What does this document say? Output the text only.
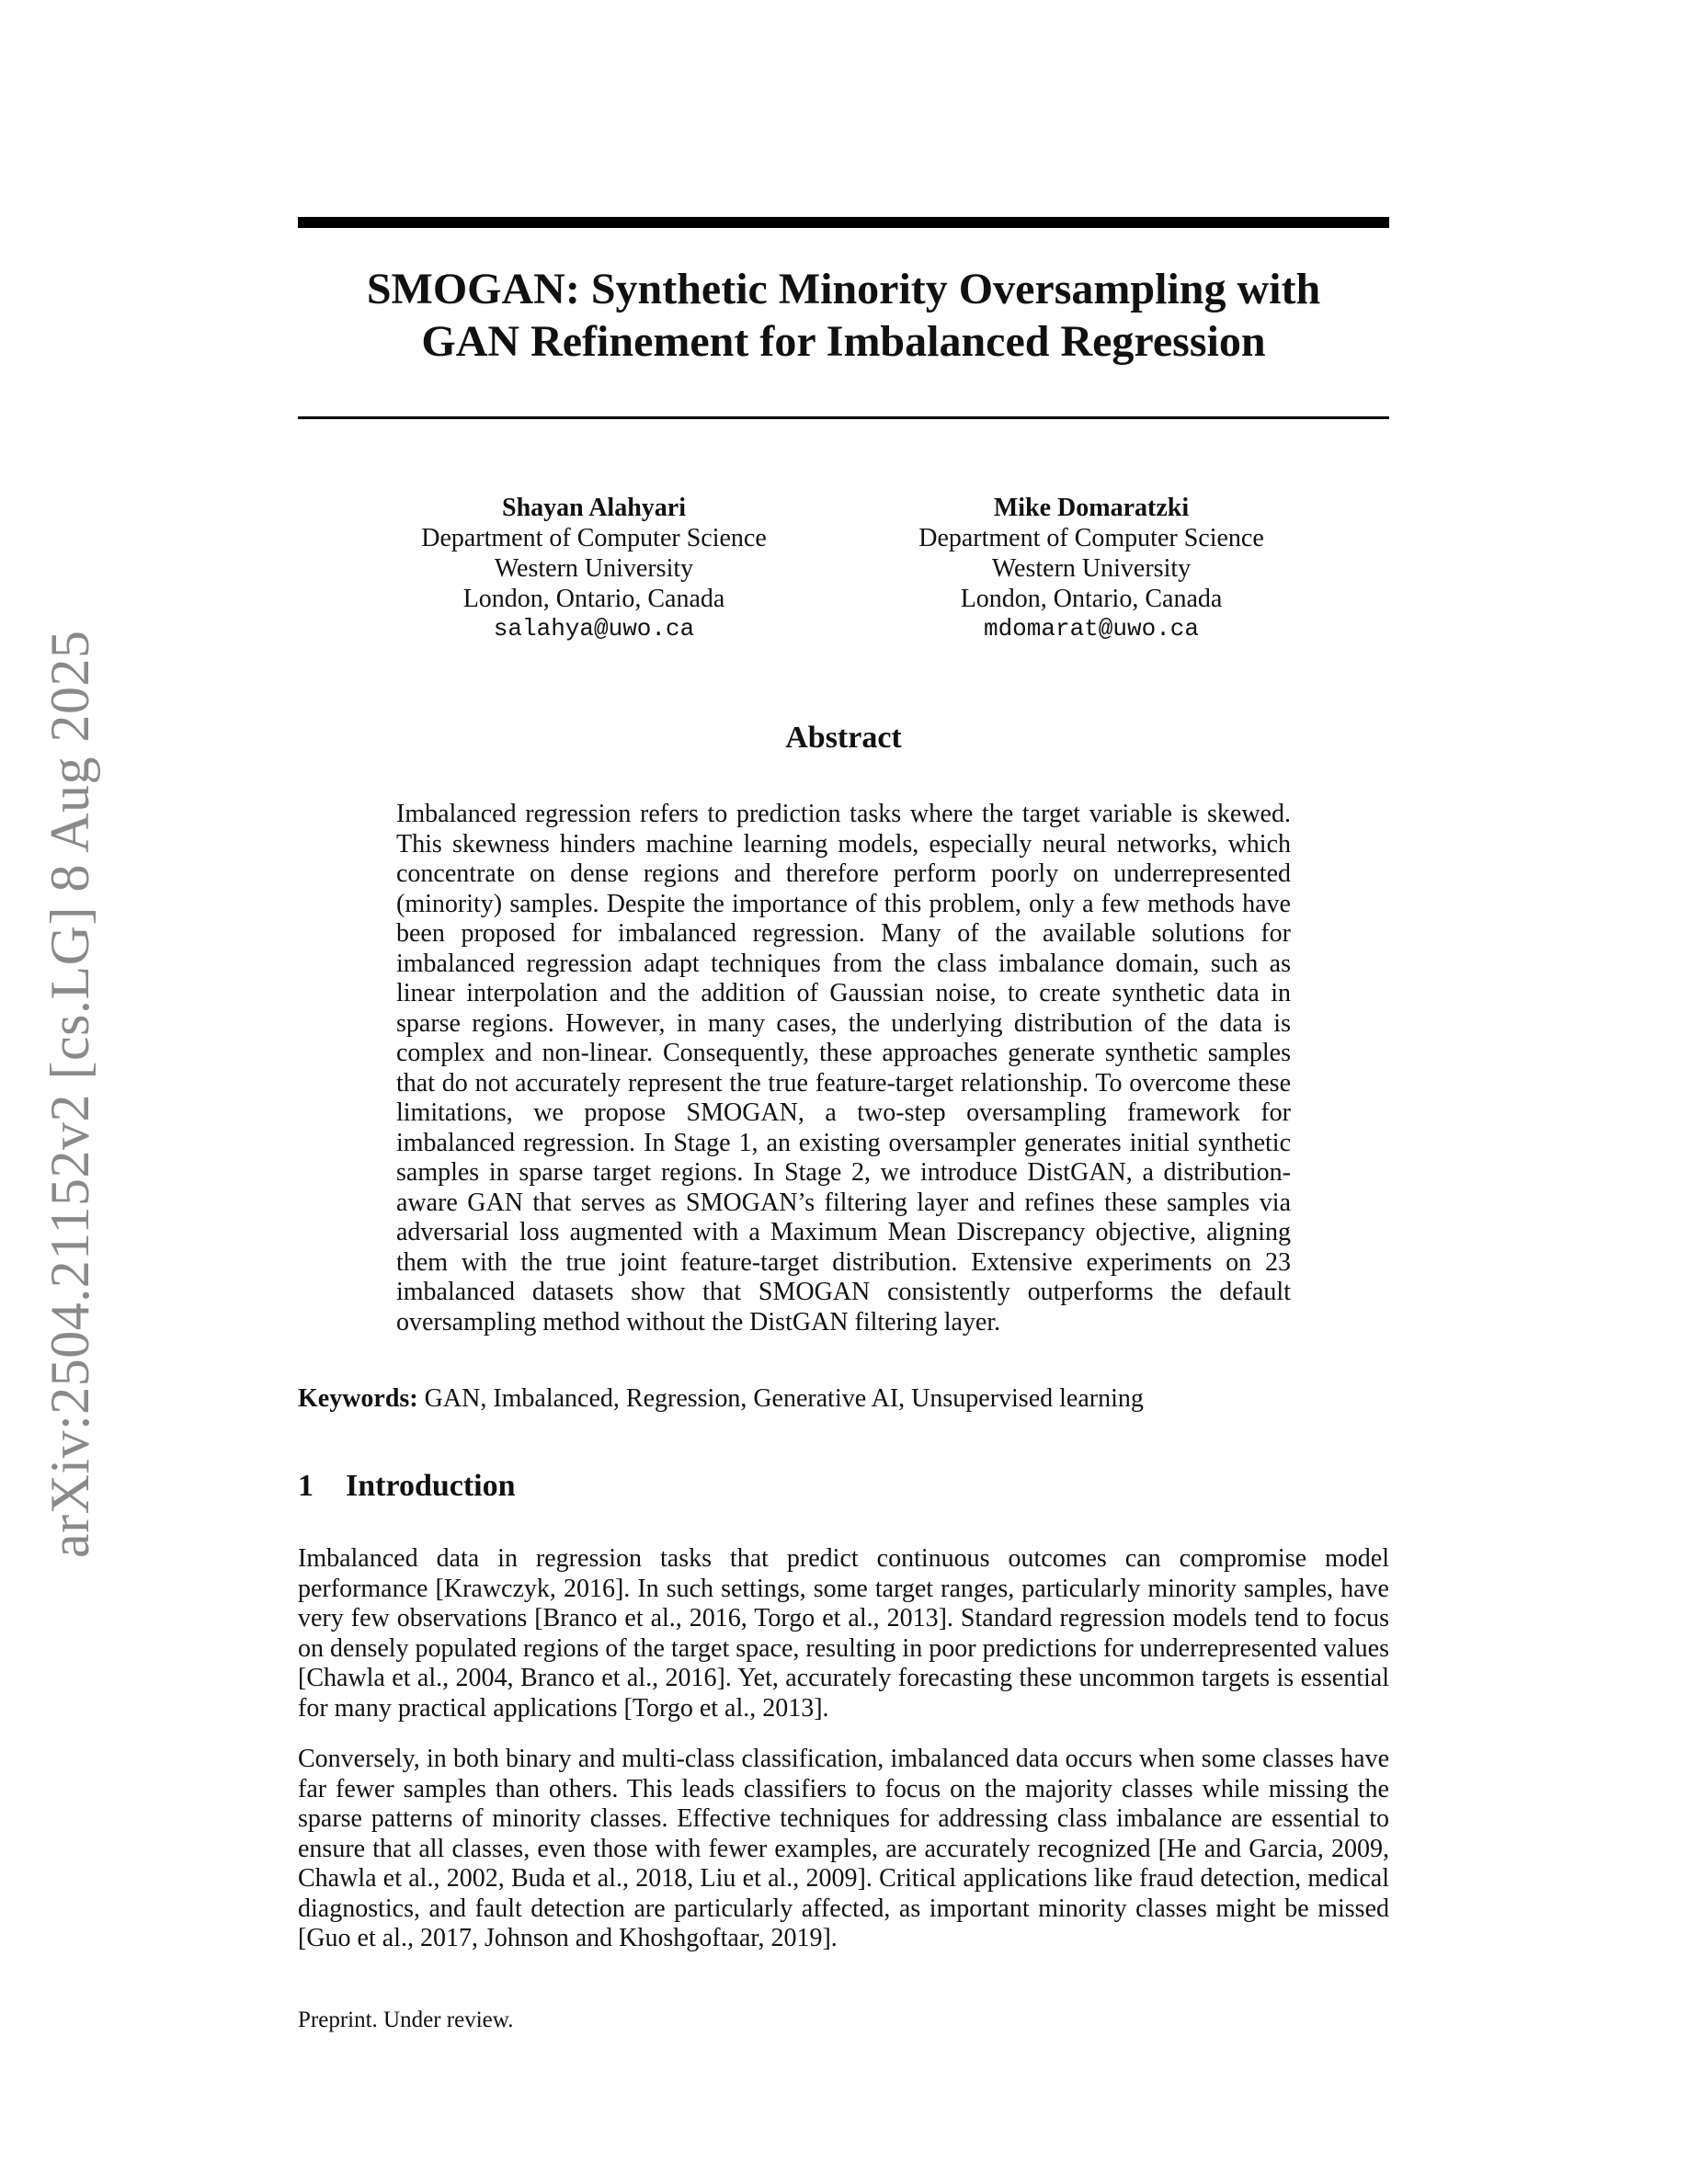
arXiv:2504.21152v2 [cs.LG] 8 Aug 2025
SMOGAN: Synthetic Minority Oversampling with
GAN Refinement for Imbalanced Regression
Shayan Alahyari
Department of Computer Science
Western University
London, Ontario, Canada
salahya@uwo.ca
Mike Domaratzki
Department of Computer Science
Western University
London, Ontario, Canada
mdomarat@uwo.ca
Abstract

Imbalanced regression refers to prediction tasks where the target variable is skewed. This skewness hinders machine learning models, especially neural networks, which concentrate on dense regions and therefore perform poorly on underrepresented (minority) samples. Despite the importance of this problem, only a few methods have been proposed for imbalanced regression. Many of the available solutions for imbalanced regression adapt techniques from the class imbalance domain, such as linear interpolation and the addition of Gaussian noise, to create synthetic data in sparse regions. However, in many cases, the underlying distribution of the data is complex and non-linear. Consequently, these approaches generate synthetic samples that do not accurately represent the true feature-target relationship. To overcome these limitations, we propose SMOGAN, a two-step oversampling framework for imbalanced regression. In Stage 1, an existing oversampler generates initial synthetic samples in sparse target regions. In Stage 2, we introduce DistGAN, a distribution-aware GAN that serves as SMOGAN’s filtering layer and refines these samples via adversarial loss augmented with a Maximum Mean Discrepancy objective, aligning them with the true joint feature-target distribution. Extensive experiments on 23 imbalanced datasets show that SMOGAN consistently outperforms the default oversampling method without the DistGAN filtering layer.

Keywords: GAN, Imbalanced, Regression, Generative AI, Unsupervised learning

1 Introduction

Imbalanced data in regression tasks that predict continuous outcomes can compromise model performance [Krawczyk, 2016]. In such settings, some target ranges, particularly minority samples, have very few observations [Branco et al., 2016, Torgo et al., 2013]. Standard regression models tend to focus on densely populated regions of the target space, resulting in poor predictions for underrepresented values [Chawla et al., 2004, Branco et al., 2016]. Yet, accurately forecasting these uncommon targets is essential for many practical applications [Torgo et al., 2013].

Conversely, in both binary and multi-class classification, imbalanced data occurs when some classes have far fewer samples than others. This leads classifiers to focus on the majority classes while missing the sparse patterns of minority classes. Effective techniques for addressing class imbalance are essential to ensure that all classes, even those with fewer examples, are accurately recognized [He and Garcia, 2009, Chawla et al., 2002, Buda et al., 2018, Liu et al., 2009]. Critical applications like fraud detection, medical diagnostics, and fault detection are particularly affected, as important minority classes might be missed [Guo et al., 2017, Johnson and Khoshgoftaar, 2019].

Preprint. Under review.
